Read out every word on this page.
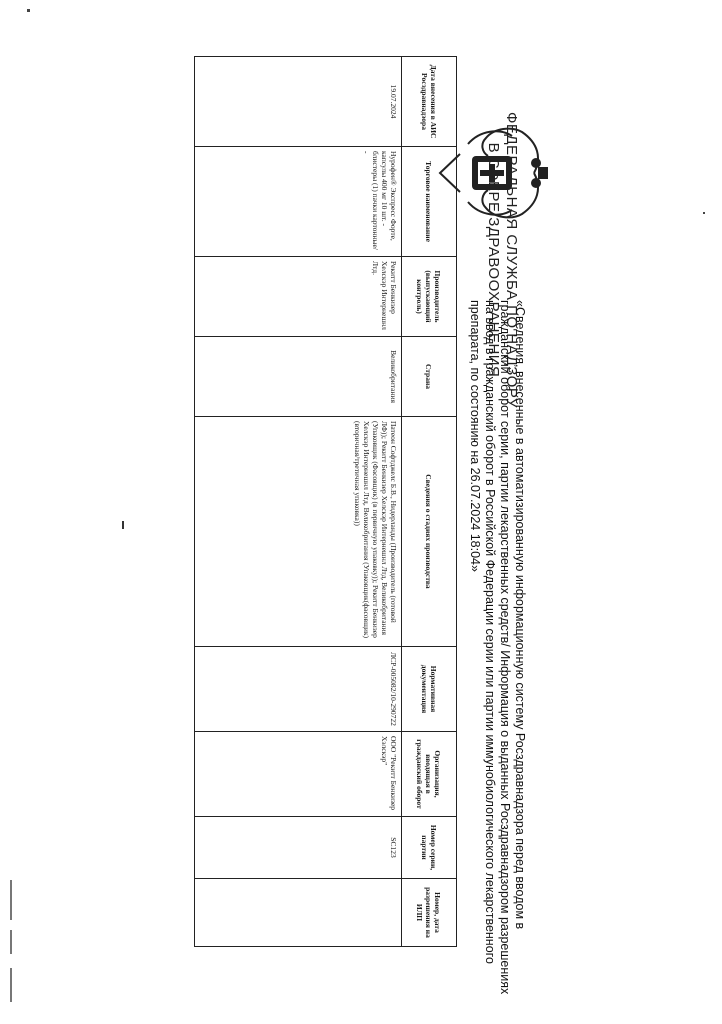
ФЕДЕРАЛЬНАЯ СЛУЖБА ПО НАДЗОРУ
В СФЕРЕ ЗДРАВООХРАНЕНИЯ
«Сведения, внесенные в автоматизированную информационную систему Росздравнадзора перед вводом в
гражданский оборот серии, партии лекарственных средств/ Информация о выданных Росздравнадзором разрешениях
на ввод в гражданский оборот в Российской Федерации серии или партии иммунобиологического лекарственного
препарата, по состоянию на 26.07.2024 18:04»
Дата внесения в АИС Росздравнадзора	Торговое наименование	Производитель (выпускающий контроль)	Страна	Сведения о стадиях производства	Нормативная документация	Организация, вводящая в гражданский оборот	Номер серии, партии	Номер, дата разрешения на ИЛП
19.07.2024	Нурофен® Экспресс Форте, капсулы 400 мг 10 шт. - блистеры (1) пачки картонные/ -	Рекитт Бенкизер Хелскэр Интернешнл Лтд.	Великобритания	Патеон Софтджелс Б.В., Нидерланды (Производитель (готовой ЛФ)); Рекитт Бенкизер Хелскэр Интернешнл Лтд, Великобритания (Упаковщик (Фасовщик) (в первичную упаковку)); Рекитт Бенкизер Хелскэр Интернешнл Лтд, Великобритания (Упаковщик(фасовщик) (вторичная/третичная упаковка))	ЛСР-005082/10-290722	ООО "Рекитт Бенкизер Хэлскэр"	SC123	
